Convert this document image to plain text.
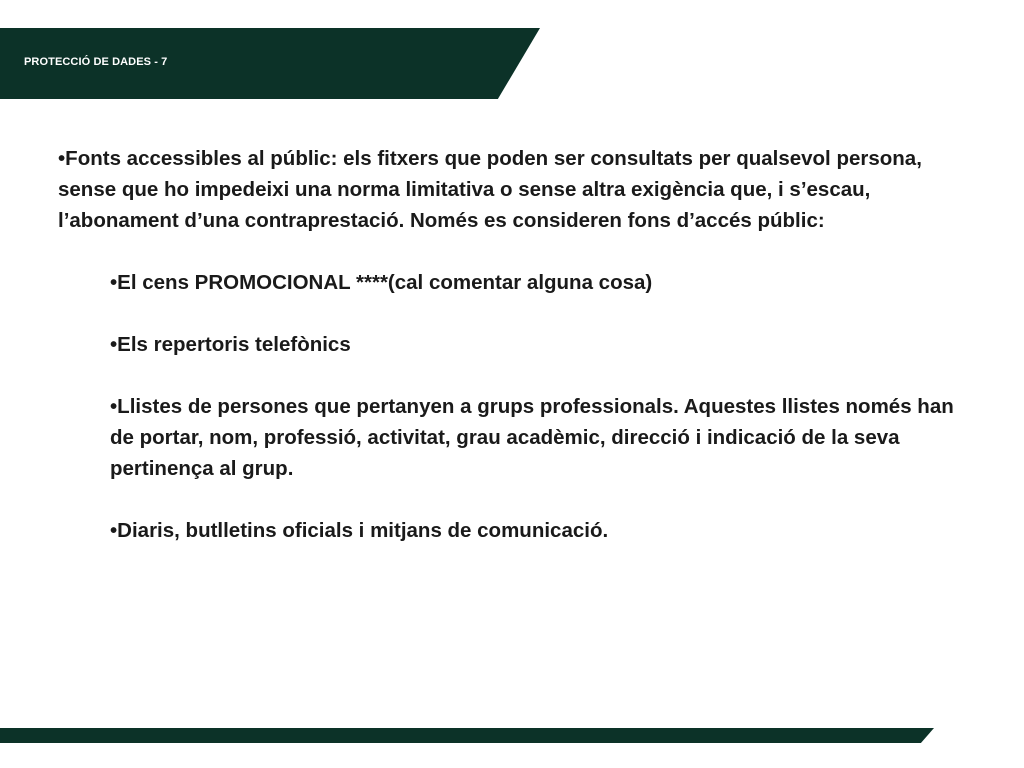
PROTECCIÓ DE DADES - 7

•Fonts accessibles al públic: els fitxers que poden ser consultats per qualsevol persona, sense que ho impedeixi una norma limitativa o sense altra exigència que, i s’escau, l’abonament d’una contraprestació. Només es consideren fons d’accés públic:

•El cens PROMOCIONAL ****(cal comentar alguna cosa)

•Els repertoris telefònics

•Llistes de persones que pertanyen a grups professionals. Aquestes llistes només han de portar, nom, professió, activitat, grau acadèmic, direcció i indicació de la seva pertinença al grup.

•Diaris, butlletins oficials i mitjans de comunicació.
